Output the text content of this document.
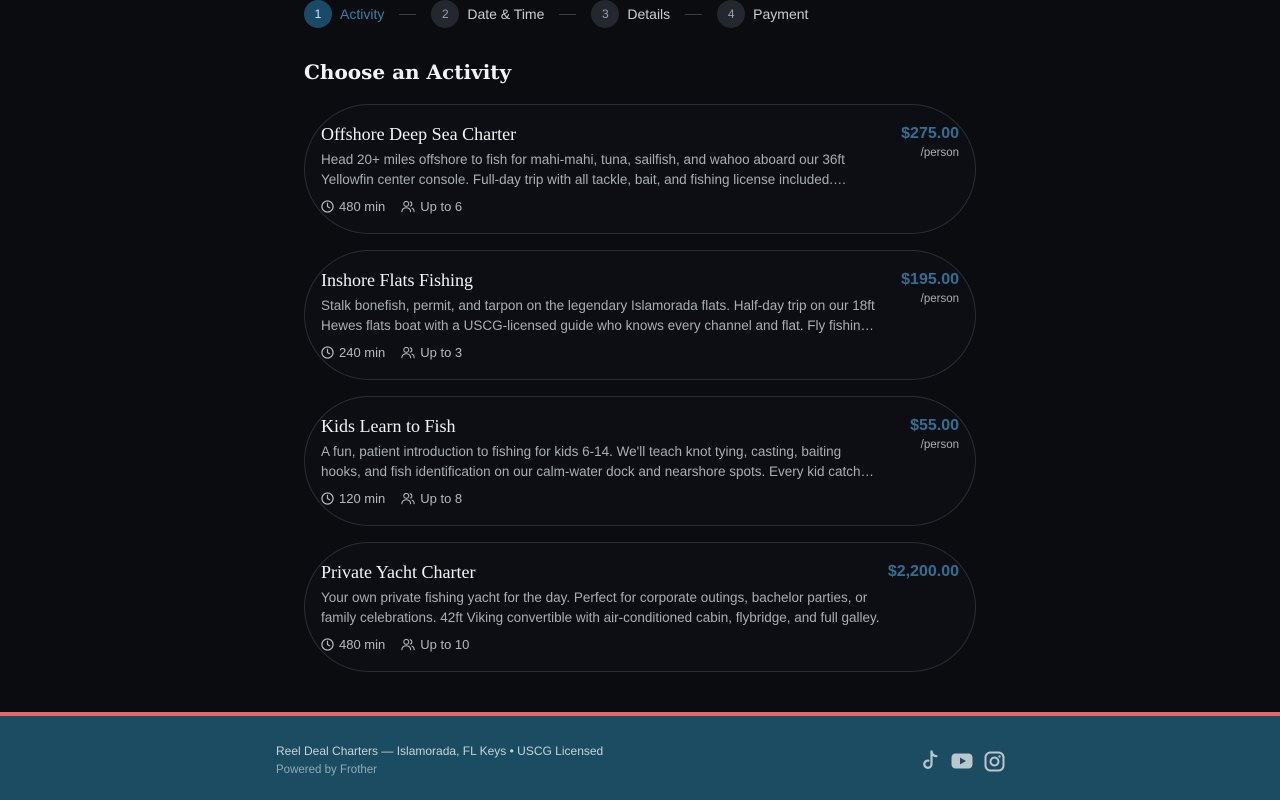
1	Activity	2	Date & Time	3	Details	4	Payment
Choose an Activity
Offshore Deep Sea Charter
Head 20+ miles offshore to fish for mahi-mahi, tuna, sailfish, and wahoo aboard our 36ft Yellowfin center console. Full-day trip with all tackle, bait, and fishing license included.
480 min	Up to 6
$275.00
/person
Inshore Flats Fishing
Stalk bonefish, permit, and tarpon on the legendary Islamorada flats. Half-day trip on our 18ft Hewes flats boat with a USCG-licensed guide who knows every channel and flat. Fly fishing
240 min	Up to 3
$195.00
/person
Kids Learn to Fish
A fun, patient introduction to fishing for kids 6-14. We'll teach knot tying, casting, baiting hooks, and fish identification on our calm-water dock and nearshore spots. Every kid catches
120 min	Up to 8
$55.00
/person
Private Yacht Charter
Your own private fishing yacht for the day. Perfect for corporate outings, bachelor parties, or family celebrations. 42ft Viking convertible with air-conditioned cabin, flybridge, and full galley.
480 min	Up to 10
$2,200.00
Reel Deal Charters — Islamorada, FL Keys • USCG Licensed
Powered by Frother
